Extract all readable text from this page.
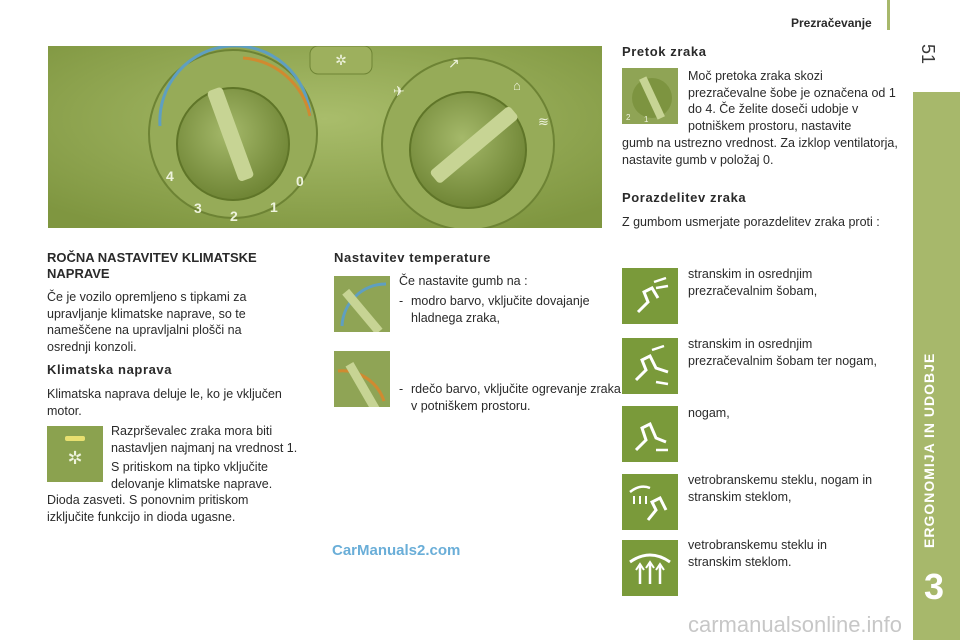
Prezračevanje
51
ERGONOMIJA IN UDOBJE
3
✲
4
3 2
1
0
✈
↗
⌂
≋
ROČNA NASTAVITEV KLIMATSKE NAPRAVE
Če je vozilo opremljeno s tipkami za upravljanje klimatske naprave, so te nameščene na upravljalni plošči na osrednji konzoli.
Klimatska naprava
Klimatska naprava deluje le, ko je vključen motor.
✲
Razprševalec zraka mora biti nastavljen najmanj na vrednost 1.
S pritiskom na tipko vključite delovanje klimatske naprave.
Dioda zasveti. S ponovnim pritiskom izključite funkcijo in dioda ugasne.
Nastavitev temperature
Če nastavite gumb na :
- modro barvo, vključite dovajanje hladnega zraka,
- rdečo barvo, vključite ogrevanje zraka v potniškem prostoru.
Pretok zraka
2 1
Moč pretoka zraka skozi prezračevalne šobe je označena od 1 do 4. Če želite doseči udobje v potniškem prostoru, nastavite
gumb na ustrezno vrednost. Za izklop ventilatorja, nastavite gumb v položaj 0.
Porazdelitev zraka
Z gumbom usmerjate porazdelitev zraka proti :
stranskim in osrednjim prezračevalnim šobam,
stranskim in osrednjim prezračevalnim šobam ter nogam,
nogam,
vetrobranskemu steklu, nogam in stranskim steklom,
vetrobranskemu steklu in stranskim steklom.
CarManuals2.com
carmanualsonline.info
